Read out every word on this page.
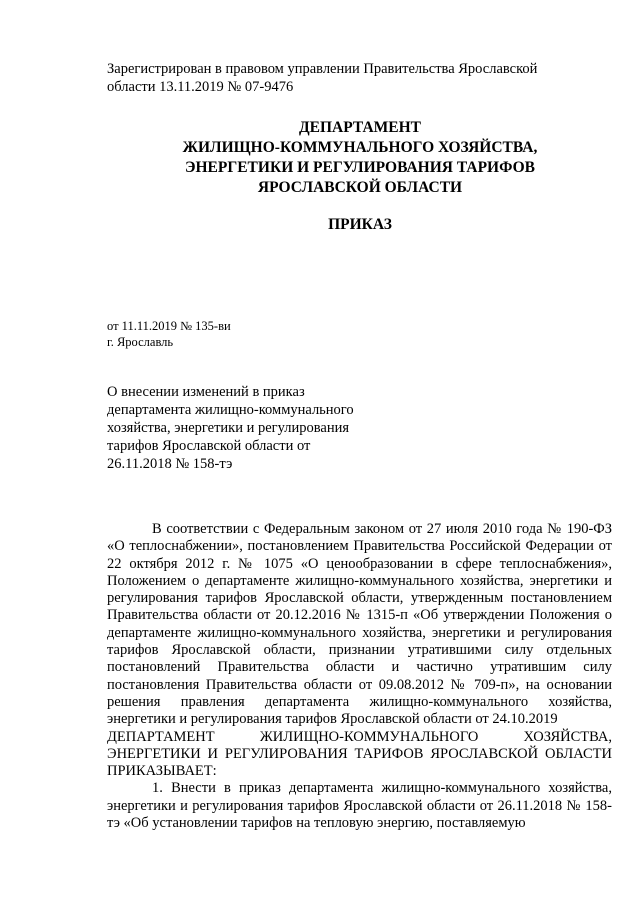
Зарегистрирован в правовом управлении Правительства Ярославской области 13.11.2019 № 07-9476
ДЕПАРТАМЕНТ
ЖИЛИЩНО-КОММУНАЛЬНОГО ХОЗЯЙСТВА,
ЭНЕРГЕТИКИ И РЕГУЛИРОВАНИЯ ТАРИФОВ
ЯРОСЛАВСКОЙ ОБЛАСТИ
ПРИКАЗ
от 11.11.2019 № 135-ви
г. Ярославль
О внесении изменений в приказ департамента жилищно-коммунального хозяйства, энергетики и регулирования тарифов Ярославской области от 26.11.2018 № 158-тэ

В соответствии с Федеральным законом от 27 июля 2010 года № 190-ФЗ «О теплоснабжении», постановлением Правительства Российской Федерации от 22 октября 2012 г. № 1075 «О ценообразовании в сфере теплоснабжения», Положением о департаменте жилищно-коммунального хозяйства, энергетики и регулирования тарифов Ярославской области, утвержденным постановлением Правительства области от 20.12.2016 № 1315-п «Об утверждении Положения о департаменте жилищно-коммунального хозяйства, энергетики и регулирования тарифов Ярославской области, признании утратившими силу отдельных постановлений Правительства области и частично утратившим силу постановления Правительства области от 09.08.2012 № 709-п», на основании решения правления департамента жилищно-коммунального хозяйства, энергетики и регулирования тарифов Ярославской области от 24.10.2019

ДЕПАРТАМЕНТ ЖИЛИЩНО-КОММУНАЛЬНОГО ХОЗЯЙСТВА, ЭНЕРГЕТИКИ И РЕГУЛИРОВАНИЯ ТАРИФОВ ЯРОСЛАВСКОЙ ОБЛАСТИ ПРИКАЗЫВАЕТ:

1. Внести в приказ департамента жилищно-коммунального хозяйства, энергетики и регулирования тарифов Ярославской области от 26.11.2018 № 158-тэ «Об установлении тарифов на тепловую энергию, поставляемую
